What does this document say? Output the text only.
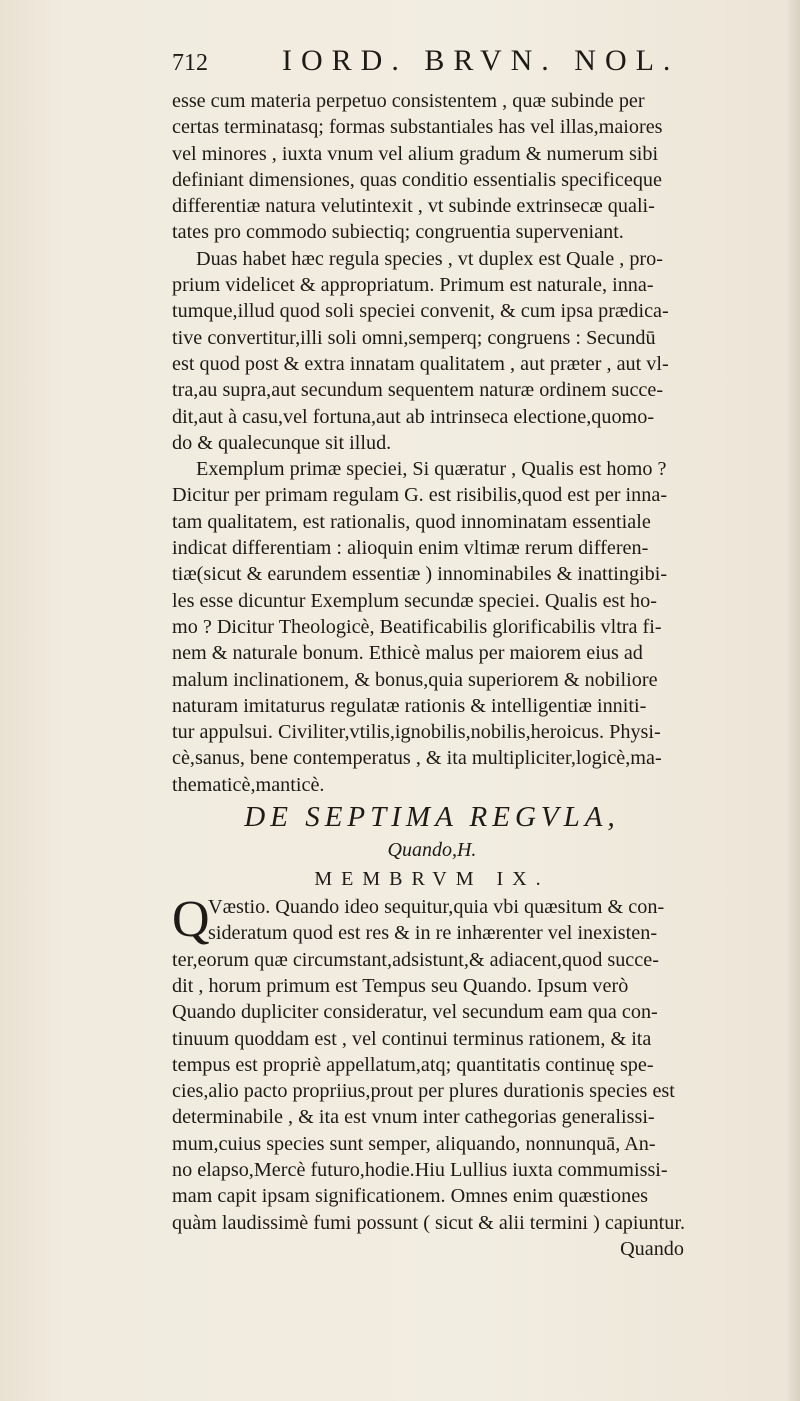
712 IORD. BRVN. NOL.
esse cum materia perpetuo consistentem , quæ subinde per
certas terminatasq; formas substantiales has vel illas,maiores
vel minores , iuxta vnum vel alium gradum & numerum sibi
definiant dimensiones, quas conditio essentialis specificeque
differentiæ natura velutintexit , vt subinde extrinsecæ quali-
tates pro commodo subiectiq; congruentia superveniant.
Duas habet hæc regula species , vt duplex est Quale , pro-
prium videlicet & appropriatum. Primum est naturale, inna-
tumque,illud quod soli speciei convenit, & cum ipsa prædica-
tive convertitur,illi soli omni,semperq; congruens : Secundū
est quod post & extra innatam qualitatem , aut præter , aut vl-
tra,au supra,aut secundum sequentem naturæ ordinem succe-
dit,aut à casu,vel fortuna,aut ab intrinseca electione,quomo-
do & qualecunque sit illud.
Exemplum primæ speciei, Si quæratur , Qualis est homo ?
Dicitur per primam regulam G. est risibilis,quod est per inna-
tam qualitatem, est rationalis, quod innominatam essentiale
indicat differentiam : alioquin enim vltimæ rerum differen-
tiæ(sicut & earundem essentiæ ) innominabiles & inattingibi-
les esse dicuntur Exemplum secundæ speciei. Qualis est ho-
mo ? Dicitur Theologicè, Beatificabilis glorificabilis vltra fi-
nem & naturale bonum. Ethicè malus per maiorem eius ad
malum inclinationem, & bonus,quia superiorem & nobiliore
naturam imitaturus regulatæ rationis & intelligentiæ inniti-
tur appulsui. Civiliter,vtilis,ignobilis,nobilis,heroicus. Physi-
cè,sanus, bene contemperatus , & ita multipliciter,logicè,ma-
thematicè,manticè.
DE SEPTIMA REGVLA,
Quando,H.
MEMBRVM IX.
Q
Væstio. Quando ideo sequitur,quia vbi quæsitum & con-
sideratum quod est res & in re inhærenter vel inexisten-
ter,eorum quæ circumstant,adsistunt,& adiacent,quod succe-
dit , horum primum est Tempus seu Quando. Ipsum verò
Quando dupliciter consideratur, vel secundum eam qua con-
tinuum quoddam est , vel continui terminus rationem, & ita
tempus est propriè appellatum,atq; quantitatis continuę spe-
cies,alio pacto propriius,prout per plures durationis species est
determinabile , & ita est vnum inter cathegorias generalissi-
mum,cuius species sunt semper, aliquando, nonnunquā, An-
no elapso,Mercè futuro,hodie.Hiu Lullius iuxta commumissi-
mam capit ipsam significationem. Omnes enim quæstiones
quàm laudissimè fumi possunt ( sicut & alii termini ) capiuntur.
Quando
